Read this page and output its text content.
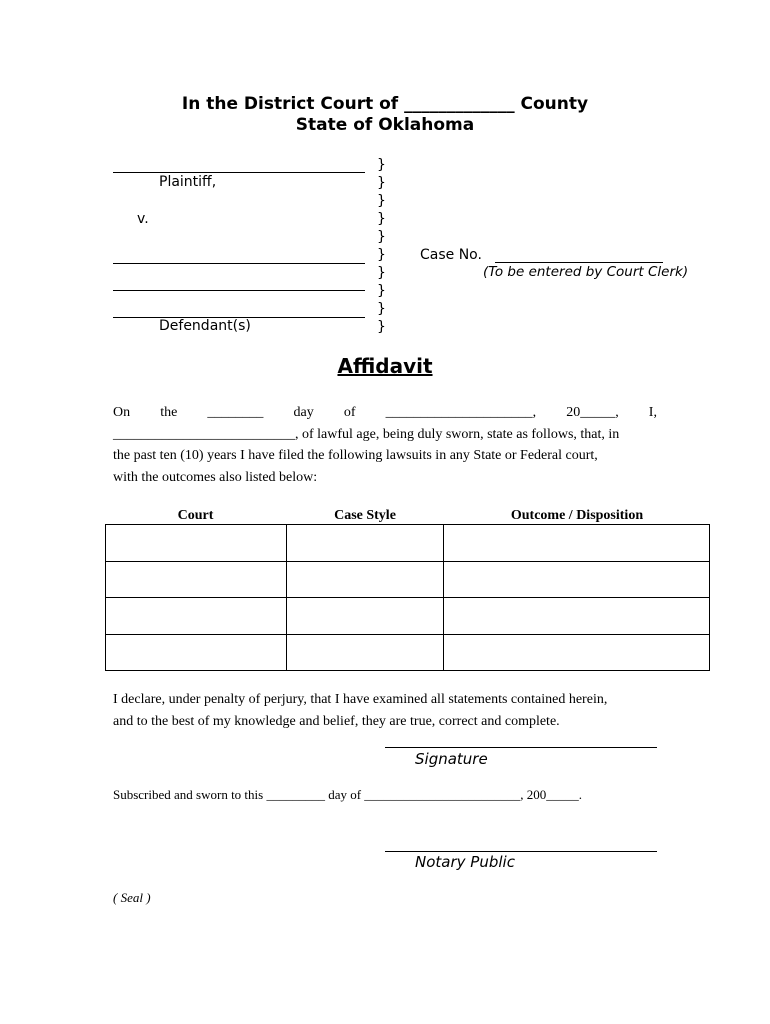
In the District Court of _____________ County
State of Oklahoma
Plaintiff,
v.
Defendant(s)
}
}
}
}
}
}
}
}
}
}
Case No.
(To be entered by Court Clerk)
Affidavit
On the ________ day of _____________________, 20_____, I,
__________________________, of lawful age, being duly sworn, state as follows, that, in
the past ten (10) years I have filed the following lawsuits in any State or Federal court,
with the outcomes also listed below:
Court	Case Style	Outcome / Disposition

I declare, under penalty of perjury, that I have examined all statements contained herein,
and to the best of my knowledge and belief, they are true, correct and complete.
Signature
Subscribed and sworn to this _________ day of ________________________, 200_____.
Notary Public
( Seal )
